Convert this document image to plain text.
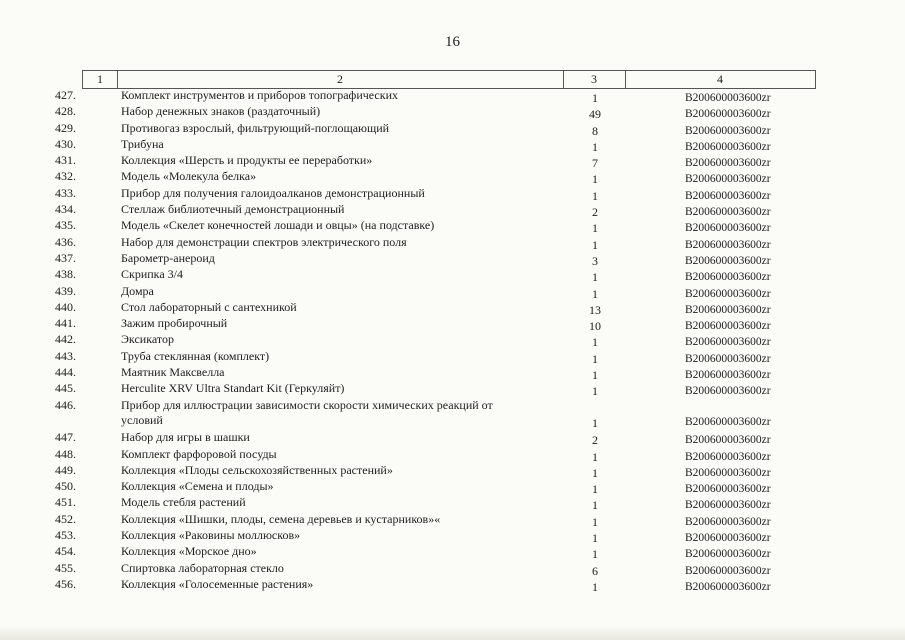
16
1	2	3	4
427.	Комплект инструментов и приборов топографических	1	B200600003600zr
428.	Набор денежных знаков (раздаточный)	49	B200600003600zr
429.	Противогаз взрослый, фильтрующий-поглощающий	8	B200600003600zr
430.	Трибуна	1	B200600003600zr
431.	Коллекция «Шерсть и продукты ее переработки»	7	B200600003600zr
432.	Модель «Молекула белка»	1	B200600003600zr
433.	Прибор для получения галоидоалканов демонстрационный	1	B200600003600zr
434.	Стеллаж библиотечный демонстрационный	2	B200600003600zr
435.	Модель «Скелет конечностей лошади и овцы» (на подставке)	1	B200600003600zr
436.	Набор для демонстрации спектров электрического поля	1	B200600003600zr
437.	Барометр-анероид	3	B200600003600zr
438.	Скрипка 3/4	1	B200600003600zr
439.	Домра	1	B200600003600zr
440.	Стол лабораторный с сантехникой	13	B200600003600zr
441.	Зажим пробирочный	10	B200600003600zr
442.	Эксикатор	1	B200600003600zr
443.	Труба стеклянная (комплект)	1	B200600003600zr
444.	Маятник Максвелла	1	B200600003600zr
445.	Herculite XRV Ultra Standart Kit (Геркуляйт)	1	B200600003600zr
446.	Прибор для иллюстрации зависимости скорости химических реакций от условий	1	B200600003600zr
447.	Набор для игры в шашки	2	B200600003600zr
448.	Комплект фарфоровой посуды	1	B200600003600zr
449.	Коллекция «Плоды сельскохозяйственных растений»	1	B200600003600zr
450.	Коллекция «Семена и плоды»	1	B200600003600zr
451.	Модель стебля растений	1	B200600003600zr
452.	Коллекция «Шишки, плоды, семена деревьев и кустарников»«	1	B200600003600zr
453.	Коллекция «Раковины моллюсков»	1	B200600003600zr
454.	Коллекция «Морское дно»	1	B200600003600zr
455.	Спиртовка лабораторная стекло	6	B200600003600zr
456.	Коллекция «Голосеменные растения»	1	B200600003600zr
